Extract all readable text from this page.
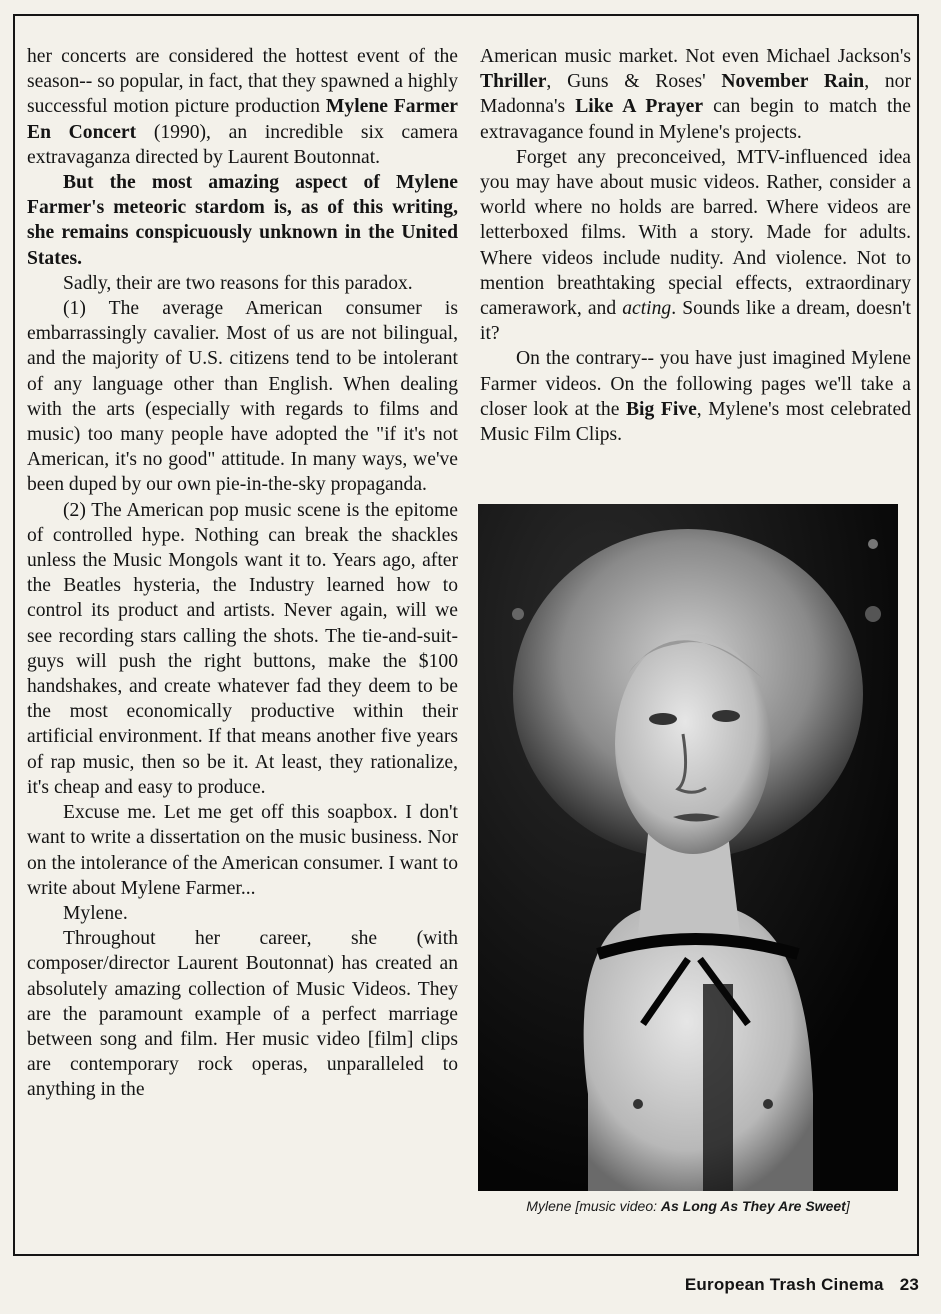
her concerts are considered the hottest event of the season-- so popular, in fact, that they spawned a highly successful motion picture production Mylene Farmer En Concert (1990), an incredible six camera extravaganza directed by Laurent Boutonnat.

But the most amazing aspect of Mylene Farmer's meteoric stardom is, as of this writing, she remains conspicuously unknown in the United States.

Sadly, their are two reasons for this paradox.

(1) The average American consumer is embarrassingly cavalier. Most of us are not bilingual, and the majority of U.S. citizens tend to be intolerant of any language other than English. When dealing with the arts (especially with regards to films and music) too many people have adopted the "if it's not American, it's no good" attitude. In many ways, we've been duped by our own pie-in-the-sky propaganda.

(2) The American pop music scene is the epitome of controlled hype. Nothing can break the shackles unless the Music Mongols want it to. Years ago, after the Beatles hysteria, the Industry learned how to control its product and artists. Never again, will we see recording stars calling the shots. The tie-and-suit-guys will push the right buttons, make the $100 handshakes, and create whatever fad they deem to be the most economically productive within their artificial environment. If that means another five years of rap music, then so be it. At least, they rationalize, it's cheap and easy to produce.

Excuse me. Let me get off this soapbox. I don't want to write a dissertation on the music business. Nor on the intolerance of the American consumer. I want to write about Mylene Farmer...

Mylene.

Throughout her career, she (with composer/director Laurent Boutonnat) has created an absolutely amazing collection of Music Videos. They are the paramount example of a perfect marriage between song and film. Her music video [film] clips are contemporary rock operas, unparalleled to anything in the

American music market. Not even Michael Jackson's Thriller, Guns & Roses' November Rain, nor Madonna's Like A Prayer can begin to match the extravagance found in Mylene's projects.

Forget any preconceived, MTV-influenced idea you may have about music videos. Rather, consider a world where no holds are barred. Where videos are letterboxed films. With a story. Made for adults. Where videos include nudity. And violence. Not to mention breathtaking special effects, extraordinary camerawork, and acting. Sounds like a dream, doesn't it?

On the contrary-- you have just imagined Mylene Farmer videos. On the following pages we'll take a closer look at the Big Five, Mylene's most celebrated Music Film Clips.

Mylene [music video: As Long As They Are Sweet]
European Trash Cinema 23
